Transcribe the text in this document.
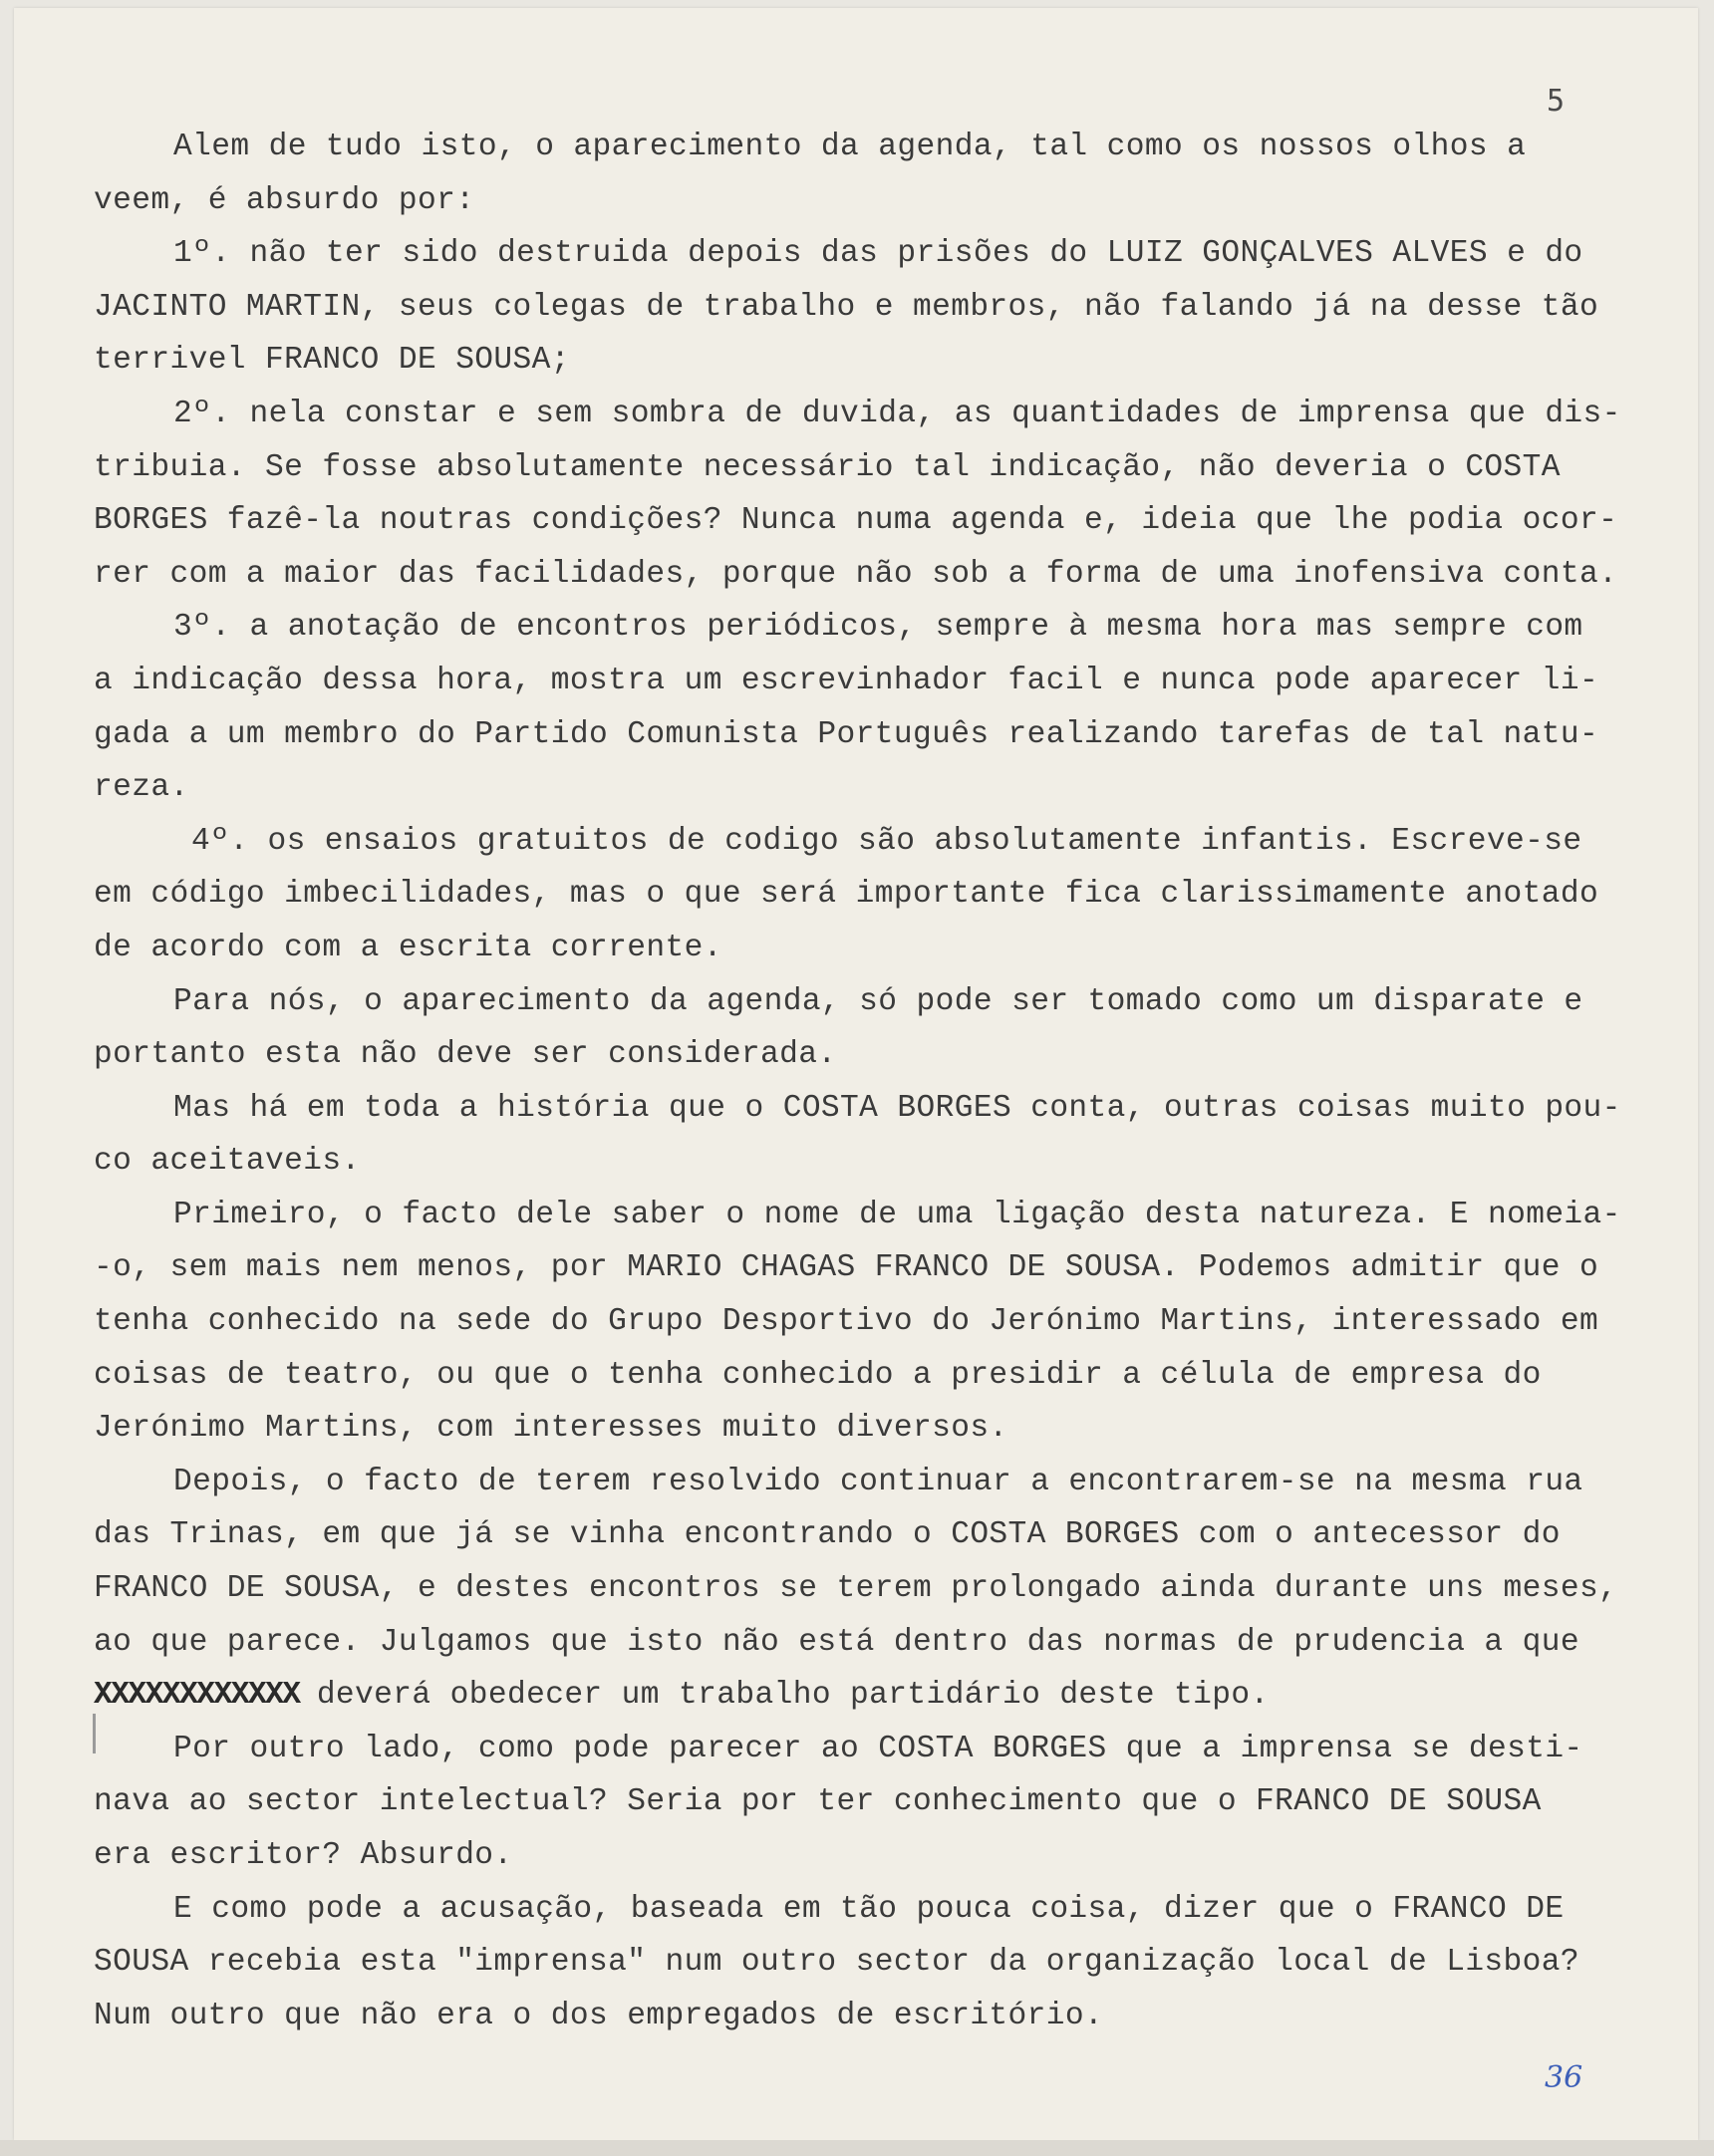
5
Alem de tudo isto, o aparecimento da agenda, tal como os nossos olhos a
veem, é absurdo por:
1º. não ter sido destruida depois das prisões do LUIZ GONÇALVES ALVES e do
JACINTO MARTIN, seus colegas de trabalho e membros, não falando já na desse tão
terrivel FRANCO DE SOUSA;
2º. nela constar e sem sombra de duvida, as quantidades de imprensa que dis-
tribuia. Se fosse absolutamente necessário tal indicação, não deveria o COSTA
BORGES fazê-la noutras condições? Nunca numa agenda e, ideia que lhe podia ocor-
rer com a maior das facilidades, porque não sob a forma de uma inofensiva conta.
3º. a anotação de encontros periódicos, sempre à mesma hora mas sempre com
a indicação dessa hora, mostra um escrevinhador facil e nunca pode aparecer li-
gada a um membro do Partido Comunista Português realizando tarefas de tal natu-
reza.
4º. os ensaios gratuitos de codigo são absolutamente infantis. Escreve-se
em código imbecilidades, mas o que será importante fica clarissimamente anotado
de acordo com a escrita corrente.
Para nós, o aparecimento da agenda, só pode ser tomado como um disparate e
portanto esta não deve ser considerada.
Mas há em toda a história que o COSTA BORGES conta, outras coisas muito pou-
co aceitaveis.
Primeiro, o facto dele saber o nome de uma ligação desta natureza. E nomeia-
-o, sem mais nem menos, por MARIO CHAGAS FRANCO DE SOUSA. Podemos admitir que o
tenha conhecido na sede do Grupo Desportivo do Jerónimo Martins, interessado em
coisas de teatro, ou que o tenha conhecido a presidir a célula de empresa do
Jerónimo Martins, com interesses muito diversos.
Depois, o facto de terem resolvido continuar a encontrarem-se na mesma rua
das Trinas, em que já se vinha encontrando o COSTA BORGES com o antecessor do
FRANCO DE SOUSA, e destes encontros se terem prolongado ainda durante uns meses,
ao que parece. Julgamos que isto não está dentro das normas de prudencia a que
XXXXXXXXXXXX deverá obedecer um trabalho partidário deste tipo.
Por outro lado, como pode parecer ao COSTA BORGES que a imprensa se desti-
nava ao sector intelectual? Seria por ter conhecimento que o FRANCO DE SOUSA
era escritor? Absurdo.
E como pode a acusação, baseada em tão pouca coisa, dizer que o FRANCO DE
SOUSA recebia esta "imprensa" num outro sector da organização local de Lisboa?
Num outro que não era o dos empregados de escritório.
36
